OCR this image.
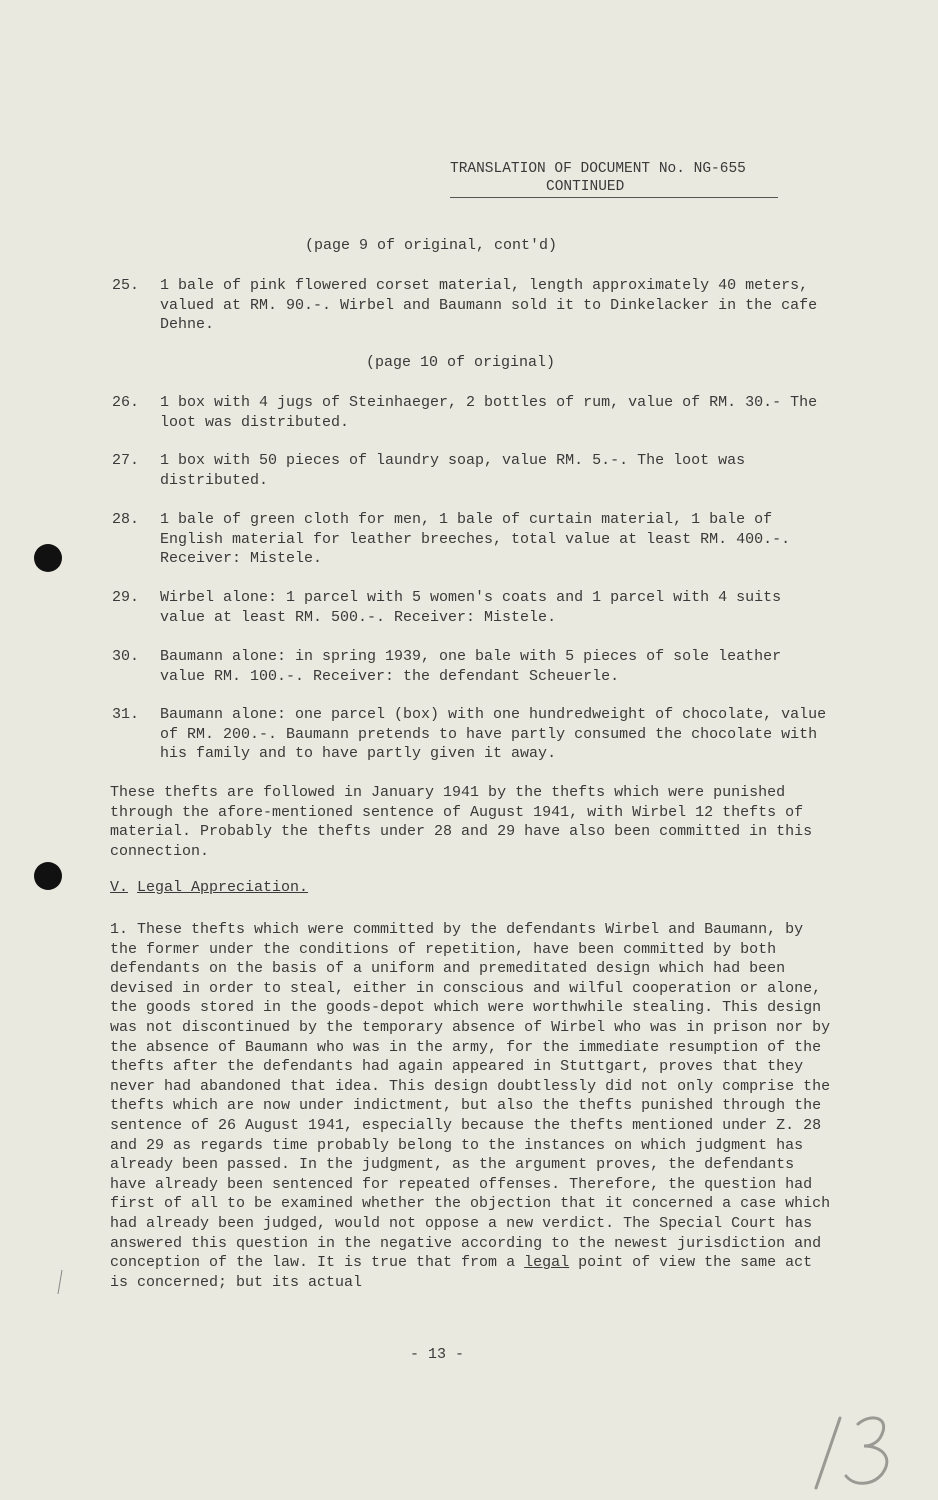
TRANSLATION OF DOCUMENT No. NG-655
CONTINUED
(page 9 of original, cont'd)
25.	1 bale of pink flowered corset material, length approximately 40 meters, valued at RM. 90.-. Wirbel and Baumann sold it to Dinkelacker in the cafe Dehne.
(page 10 of original)
26.	1 box with 4 jugs of Steinhaeger, 2 bottles of rum, value of RM. 30.- The loot was distributed.
27.	1 box with 50 pieces of laundry soap, value RM. 5.-. The loot was distributed.
28.	1 bale of green cloth for men, 1 bale of curtain material, 1 bale of English material for leather breeches, total value at least RM. 400.-. Receiver: Mistele.
29.	Wirbel alone: 1 parcel with 5 women's coats and 1 parcel with 4 suits value at least RM. 500.-. Receiver: Mistele.
30.	Baumann alone: in spring 1939, one bale with 5 pieces of sole leather value RM. 100.-. Receiver: the defendant Scheuerle.
31.	Baumann alone: one parcel (box) with one hundredweight of chocolate, value of RM. 200.-. Baumann pretends to have partly consumed the chocolate with his family and to have partly given it away.
These thefts are followed in January 1941 by the thefts which were punished through the afore-mentioned sentence of August 1941, with Wirbel 12 thefts of material. Probably the thefts under 28 and 29 have also been committed in this connection.
V. Legal Appreciation.
1. These thefts which were committed by the defendants Wirbel and Baumann, by the former under the conditions of repetition, have been committed by both defendants on the basis of a uniform and premeditated design which had been devised in order to steal, either in conscious and wilful cooperation or alone, the goods stored in the goods-depot which were worthwhile stealing. This design was not discontinued by the temporary absence of Wirbel who was in prison nor by the absence of Baumann who was in the army, for the immediate resumption of the thefts after the defendants had again appeared in Stuttgart, proves that they never had abandoned that idea. This design doubtlessly did not only comprise the thefts which are now under indictment, but also the thefts punished through the sentence of 26 August 1941, especially because the thefts mentioned under Z. 28 and 29 as regards time probably belong to the instances on which judgment has already been passed. In the judgment, as the argument proves, the defendants have already been sentenced for repeated offenses. Therefore, the question had first of all to be examined whether the objection that it concerned a case which had already been judged, would not oppose a new verdict. The Special Court has answered this question in the negative according to the newest jurisdiction and conception of the law. It is true that from a legal point of view the same act is concerned; but its actual
- 13 -
